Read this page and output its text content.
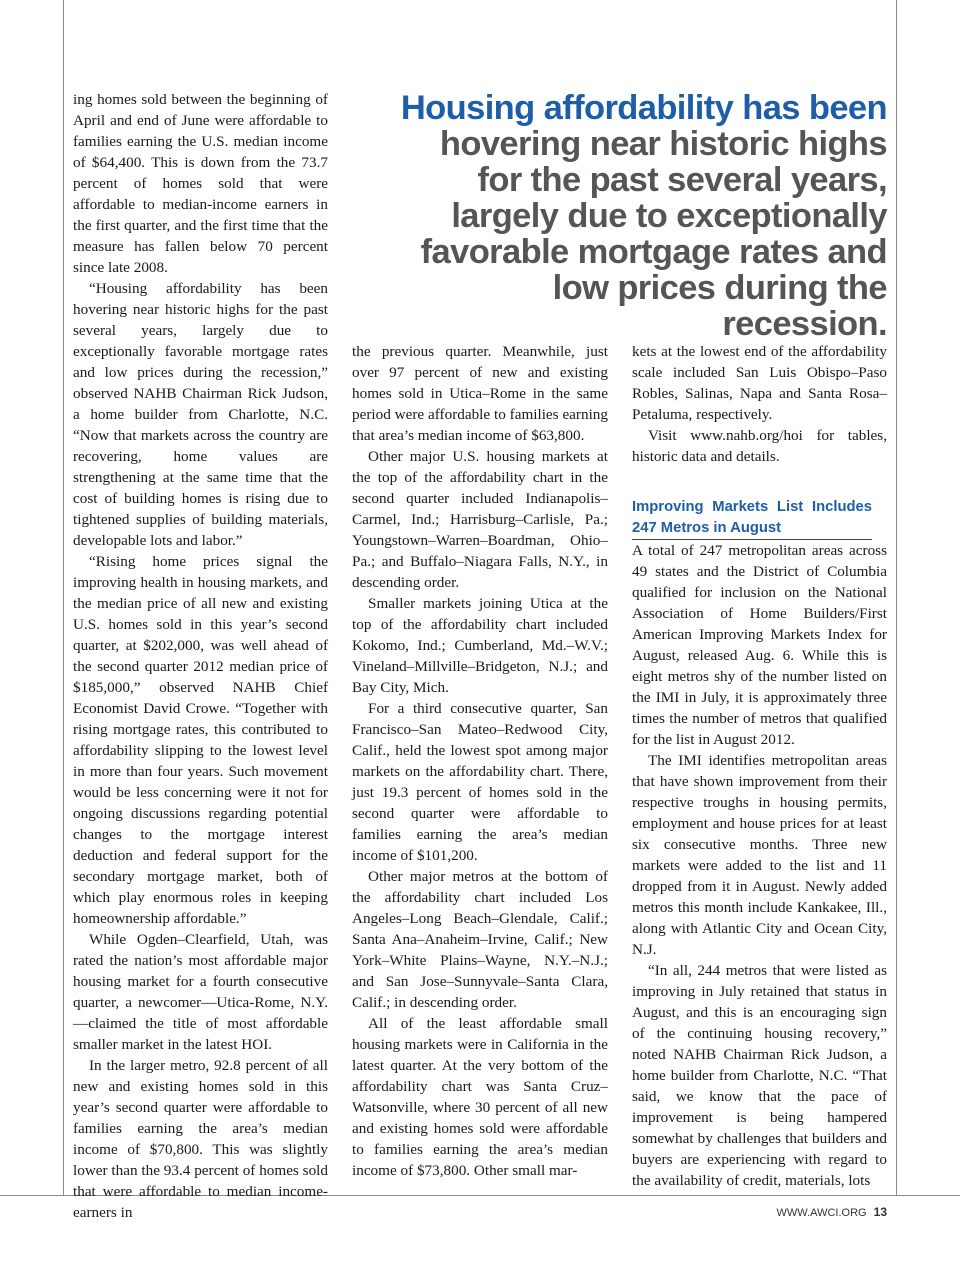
Housing affordability has been hovering near historic highs for the past several years, largely due to exceptionally favorable mortgage rates and low prices during the recession.

ing homes sold between the beginning of April and end of June were affordable to families earning the U.S. median income of $64,400. This is down from the 73.7 percent of homes sold that were affordable to median-income earners in the first quarter, and the first time that the measure has fallen below 70 percent since late 2008.

“Housing affordability has been hovering near historic highs for the past several years, largely due to exceptionally favorable mortgage rates and low prices during the recession,” observed NAHB Chairman Rick Judson, a home builder from Charlotte, N.C. “Now that markets across the country are recovering, home values are strengthening at the same time that the cost of building homes is rising due to tightened supplies of building materials, developable lots and labor.”

“Rising home prices signal the improving health in housing markets, and the median price of all new and existing U.S. homes sold in this year’s second quarter, at $202,000, was well ahead of the second quarter 2012 median price of $185,000,” observed NAHB Chief Economist David Crowe. “Together with rising mortgage rates, this contributed to affordability slipping to the lowest level in more than four years. Such movement would be less concerning were it not for ongoing discussions regarding potential changes to the mortgage interest deduction and federal support for the secondary mortgage market, both of which play enormous roles in keeping homeownership affordable.”

While Ogden–Clearfield, Utah, was rated the nation’s most affordable major housing market for a fourth consecutive quarter, a newcomer—Utica-Rome, N.Y.—claimed the title of most affordable smaller market in the latest HOI.

In the larger metro, 92.8 percent of all new and existing homes sold in this year’s second quarter were affordable to families earning the area’s median income of $70,800. This was slightly lower than the 93.4 percent of homes sold that were affordable to median income-earners in

the previous quarter. Meanwhile, just over 97 percent of new and existing homes sold in Utica–Rome in the same period were affordable to families earning that area’s median income of $63,800.

Other major U.S. housing markets at the top of the affordability chart in the second quarter included Indianapolis–Carmel, Ind.; Harrisburg–Carlisle, Pa.; Youngstown–Warren–Boardman, Ohio–Pa.; and Buffalo–Niagara Falls, N.Y., in descending order.

Smaller markets joining Utica at the top of the affordability chart included Kokomo, Ind.; Cumberland, Md.–W.V.; Vineland–Millville–Bridgeton, N.J.; and Bay City, Mich.

For a third consecutive quarter, San Francisco–San Mateo–Redwood City, Calif., held the lowest spot among major markets on the affordability chart. There, just 19.3 percent of homes sold in the second quarter were affordable to families earning the area’s median income of $101,200.

Other major metros at the bottom of the affordability chart included Los Angeles–Long Beach–Glendale, Calif.; Santa Ana–Anaheim–Irvine, Calif.; New York–White Plains–Wayne, N.Y.–N.J.; and San Jose–Sunnyvale–Santa Clara, Calif.; in descending order.

All of the least affordable small housing markets were in California in the latest quarter. At the very bottom of the affordability chart was Santa Cruz–Watsonville, where 30 percent of all new and existing homes sold were affordable to families earning the area’s median income of $73,800. Other small mar-

kets at the lowest end of the affordability scale included San Luis Obispo–Paso Robles, Salinas, Napa and Santa Rosa–Petaluma, respectively.

Visit www.nahb.org/hoi for tables, historic data and details.

Improving Markets List Includes 247 Metros in August

A total of 247 metropolitan areas across 49 states and the District of Columbia qualified for inclusion on the National Association of Home Builders/First American Improving Markets Index for August, released Aug. 6. While this is eight metros shy of the number listed on the IMI in July, it is approximately three times the number of metros that qualified for the list in August 2012.

The IMI identifies metropolitan areas that have shown improvement from their respective troughs in housing permits, employment and house prices for at least six consecutive months. Three new markets were added to the list and 11 dropped from it in August. Newly added metros this month include Kankakee, Ill., along with Atlantic City and Ocean City, N.J.

“In all, 244 metros that were listed as improving in July retained that status in August, and this is an encouraging sign of the continuing housing recovery,” noted NAHB Chairman Rick Judson, a home builder from Charlotte, N.C. “That said, we know that the pace of improvement is being hampered somewhat by challenges that builders and buyers are experiencing with regard to the availability of credit, materials, lots

WWW.AWCI.ORG 13
